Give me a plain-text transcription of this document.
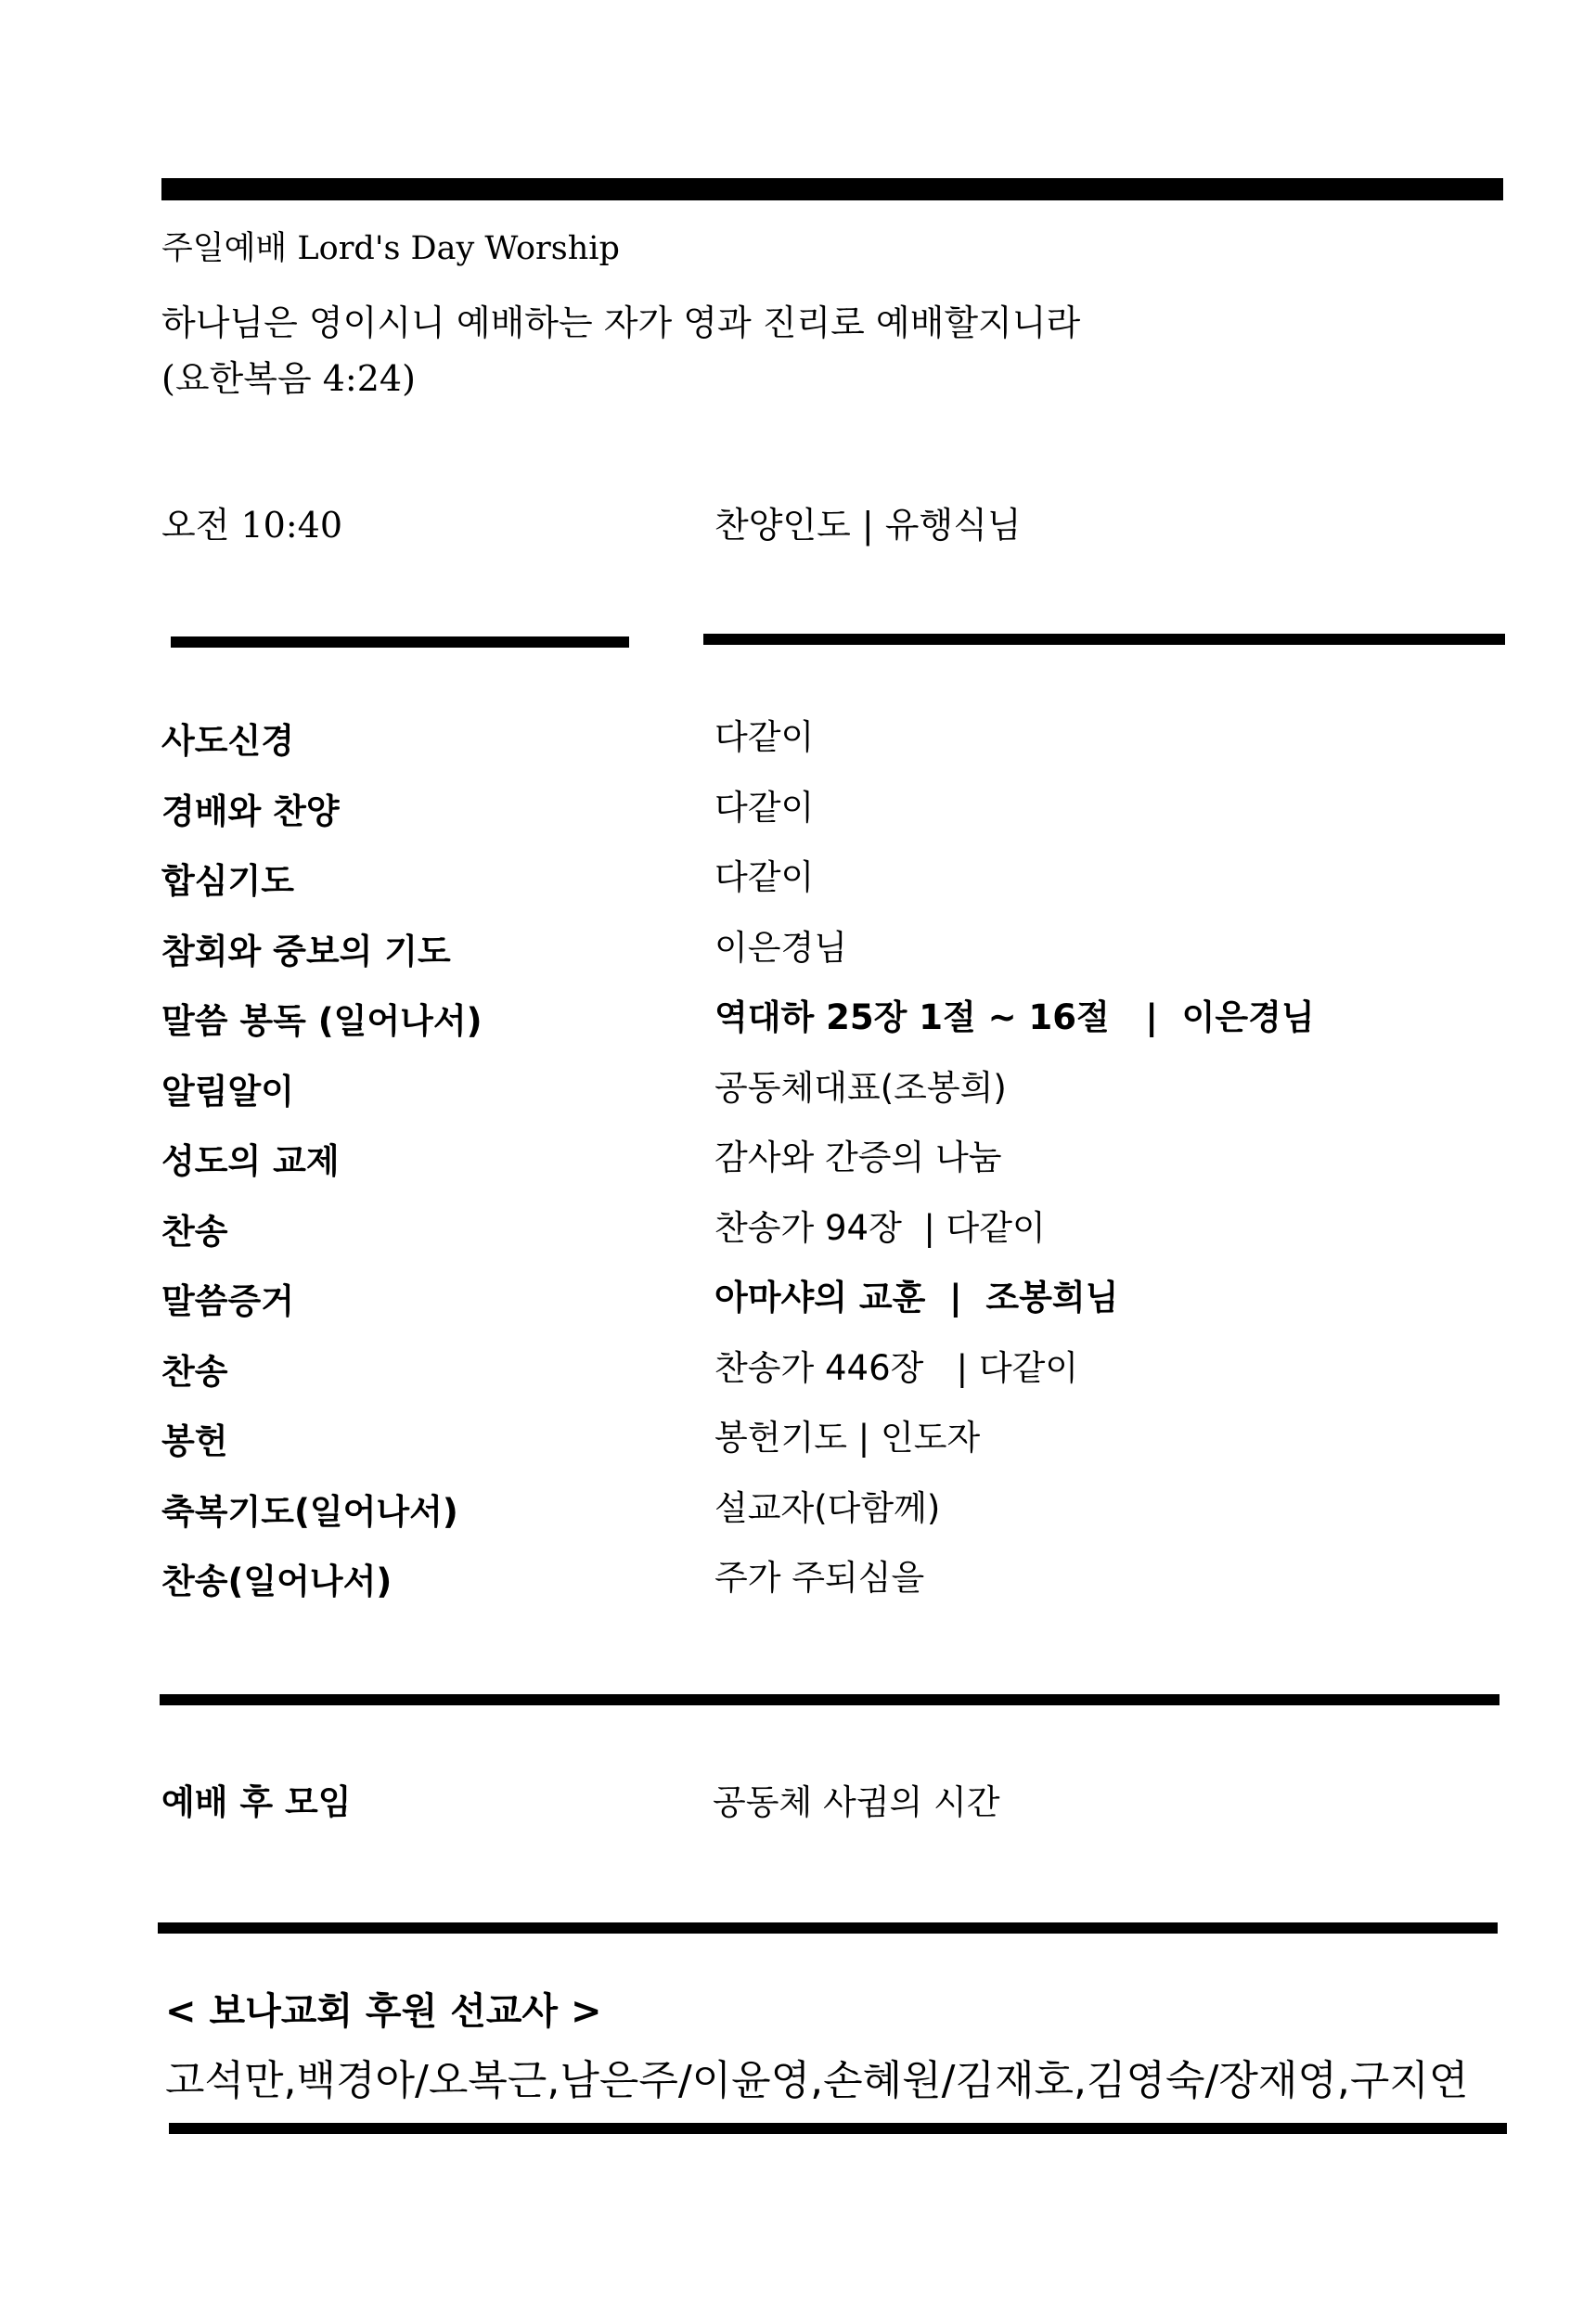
주일예배 Lord's Day Worship
하나님은 영이시니 예배하는 자가 영과 진리로 예배할지니라
(요한복음 4:24)
오전 10:40	찬양인도 | 유행식님
사도신경	다같이
경배와 찬양	다같이
합심기도	다같이
참회와 중보의 기도	이은경님
말씀 봉독 (일어나서)	역대하 25장 1절 ~ 16절   |  이은경님
알림알이	공동체대표(조봉희)
성도의 교제	감사와 간증의 나눔
찬송	찬송가 94장  | 다같이
말씀증거	아마샤의 교훈  |  조봉희님
찬송	찬송가 446장   | 다같이
봉헌	봉헌기도 | 인도자
축복기도(일어나서)	설교자(다함께)
찬송(일어나서)	주가 주되심을
예배 후 모임	공동체 사귐의 시간
< 보나교회 후원 선교사 >
고석만,백경아/오복근,남은주/이윤영,손혜원/김재호,김영숙/장재영,구지연
